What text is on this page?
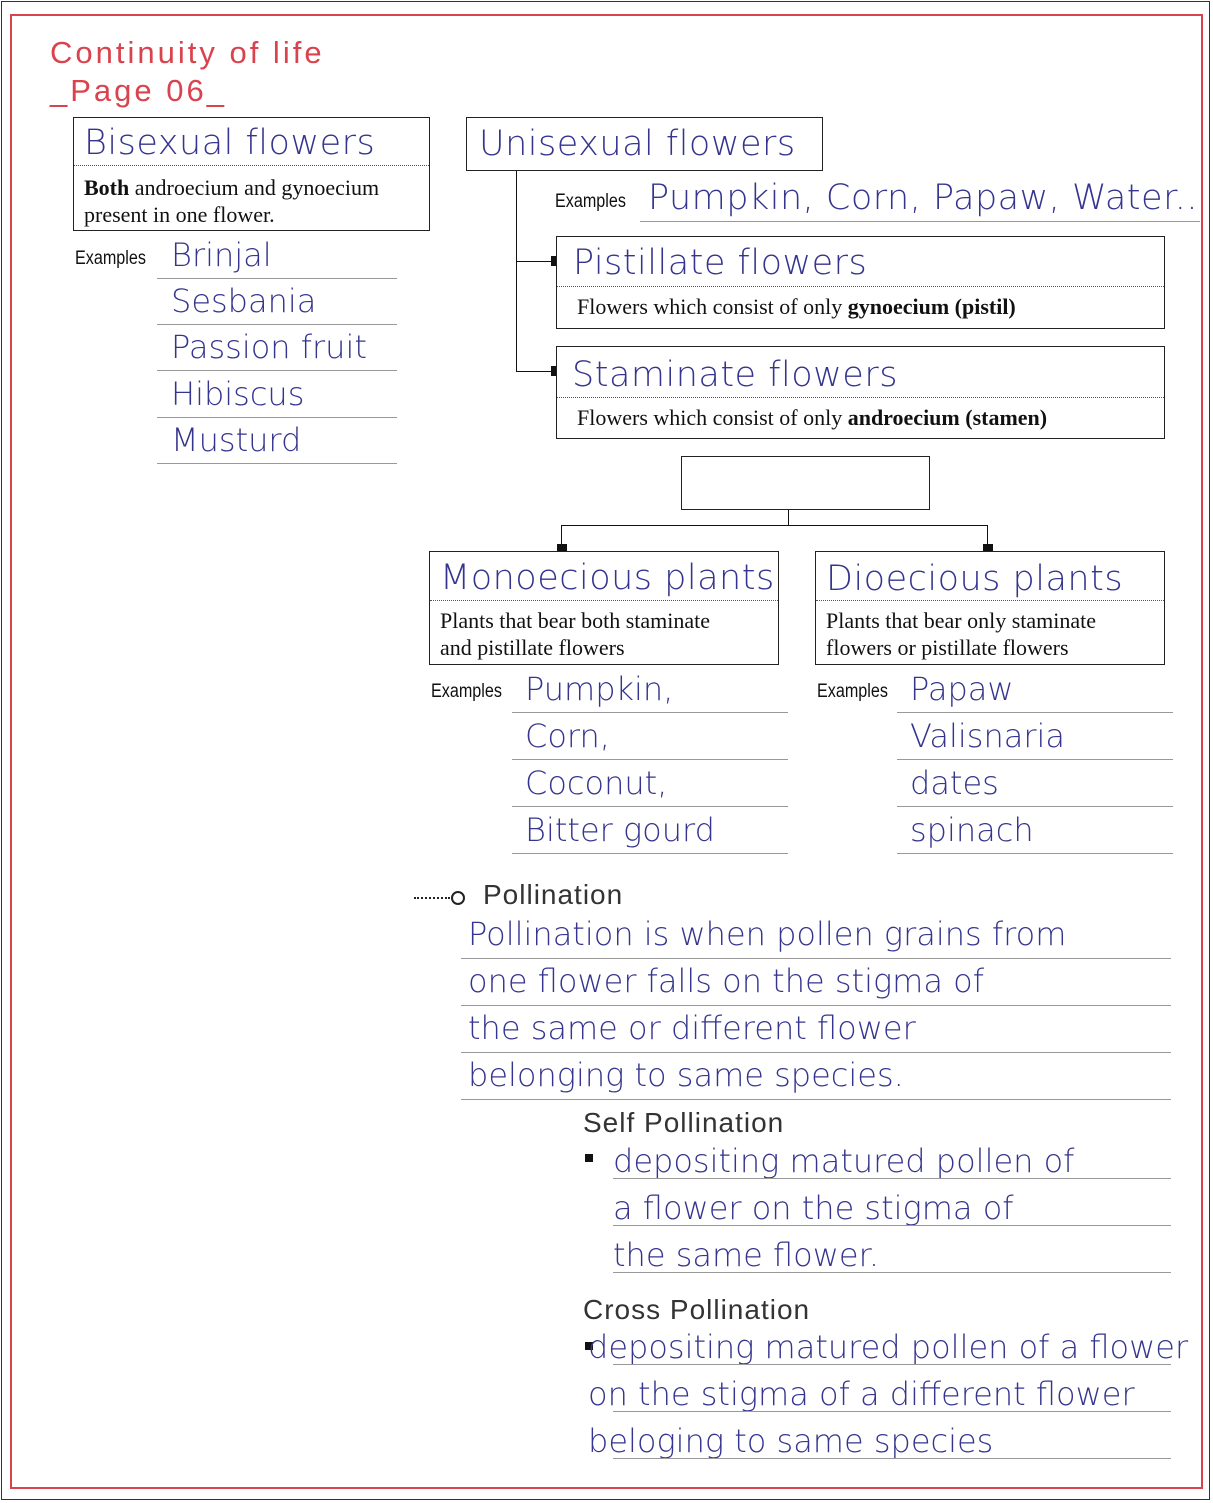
Continuity of life
_Page 06_
Bisexual flowers
Both androecium and gynoecium
present in one flower.
Examples Brinjal
Sesbania
Passion fruit
Hibiscus
Musturd
Unisexual flowers
Examples Pumpkin, Corn, Papaw, Water..
Pistillate flowers
Flowers which consist of only gynoecium (pistil)
Staminate flowers
Flowers which consist of only androecium (stamen)
Monoecious plants
Plants that bear both staminate
and pistillate flowers
Examples Pumpkin,
Corn,
Coconut,
Bitter gourd
Dioecious plants
Plants that bear only staminate
flowers or pistillate flowers
Examples Papaw
Valisnaria
dates
spinach
Pollination
Pollination is when pollen grains from
one flower falls on the stigma of
the same or different flower
belonging to same species.
Self Pollination
depositing matured pollen of
a flower on the stigma of
the same flower.
Cross Pollination
depositing matured pollen of a flower
on the stigma of a different flower
beloging to same species
